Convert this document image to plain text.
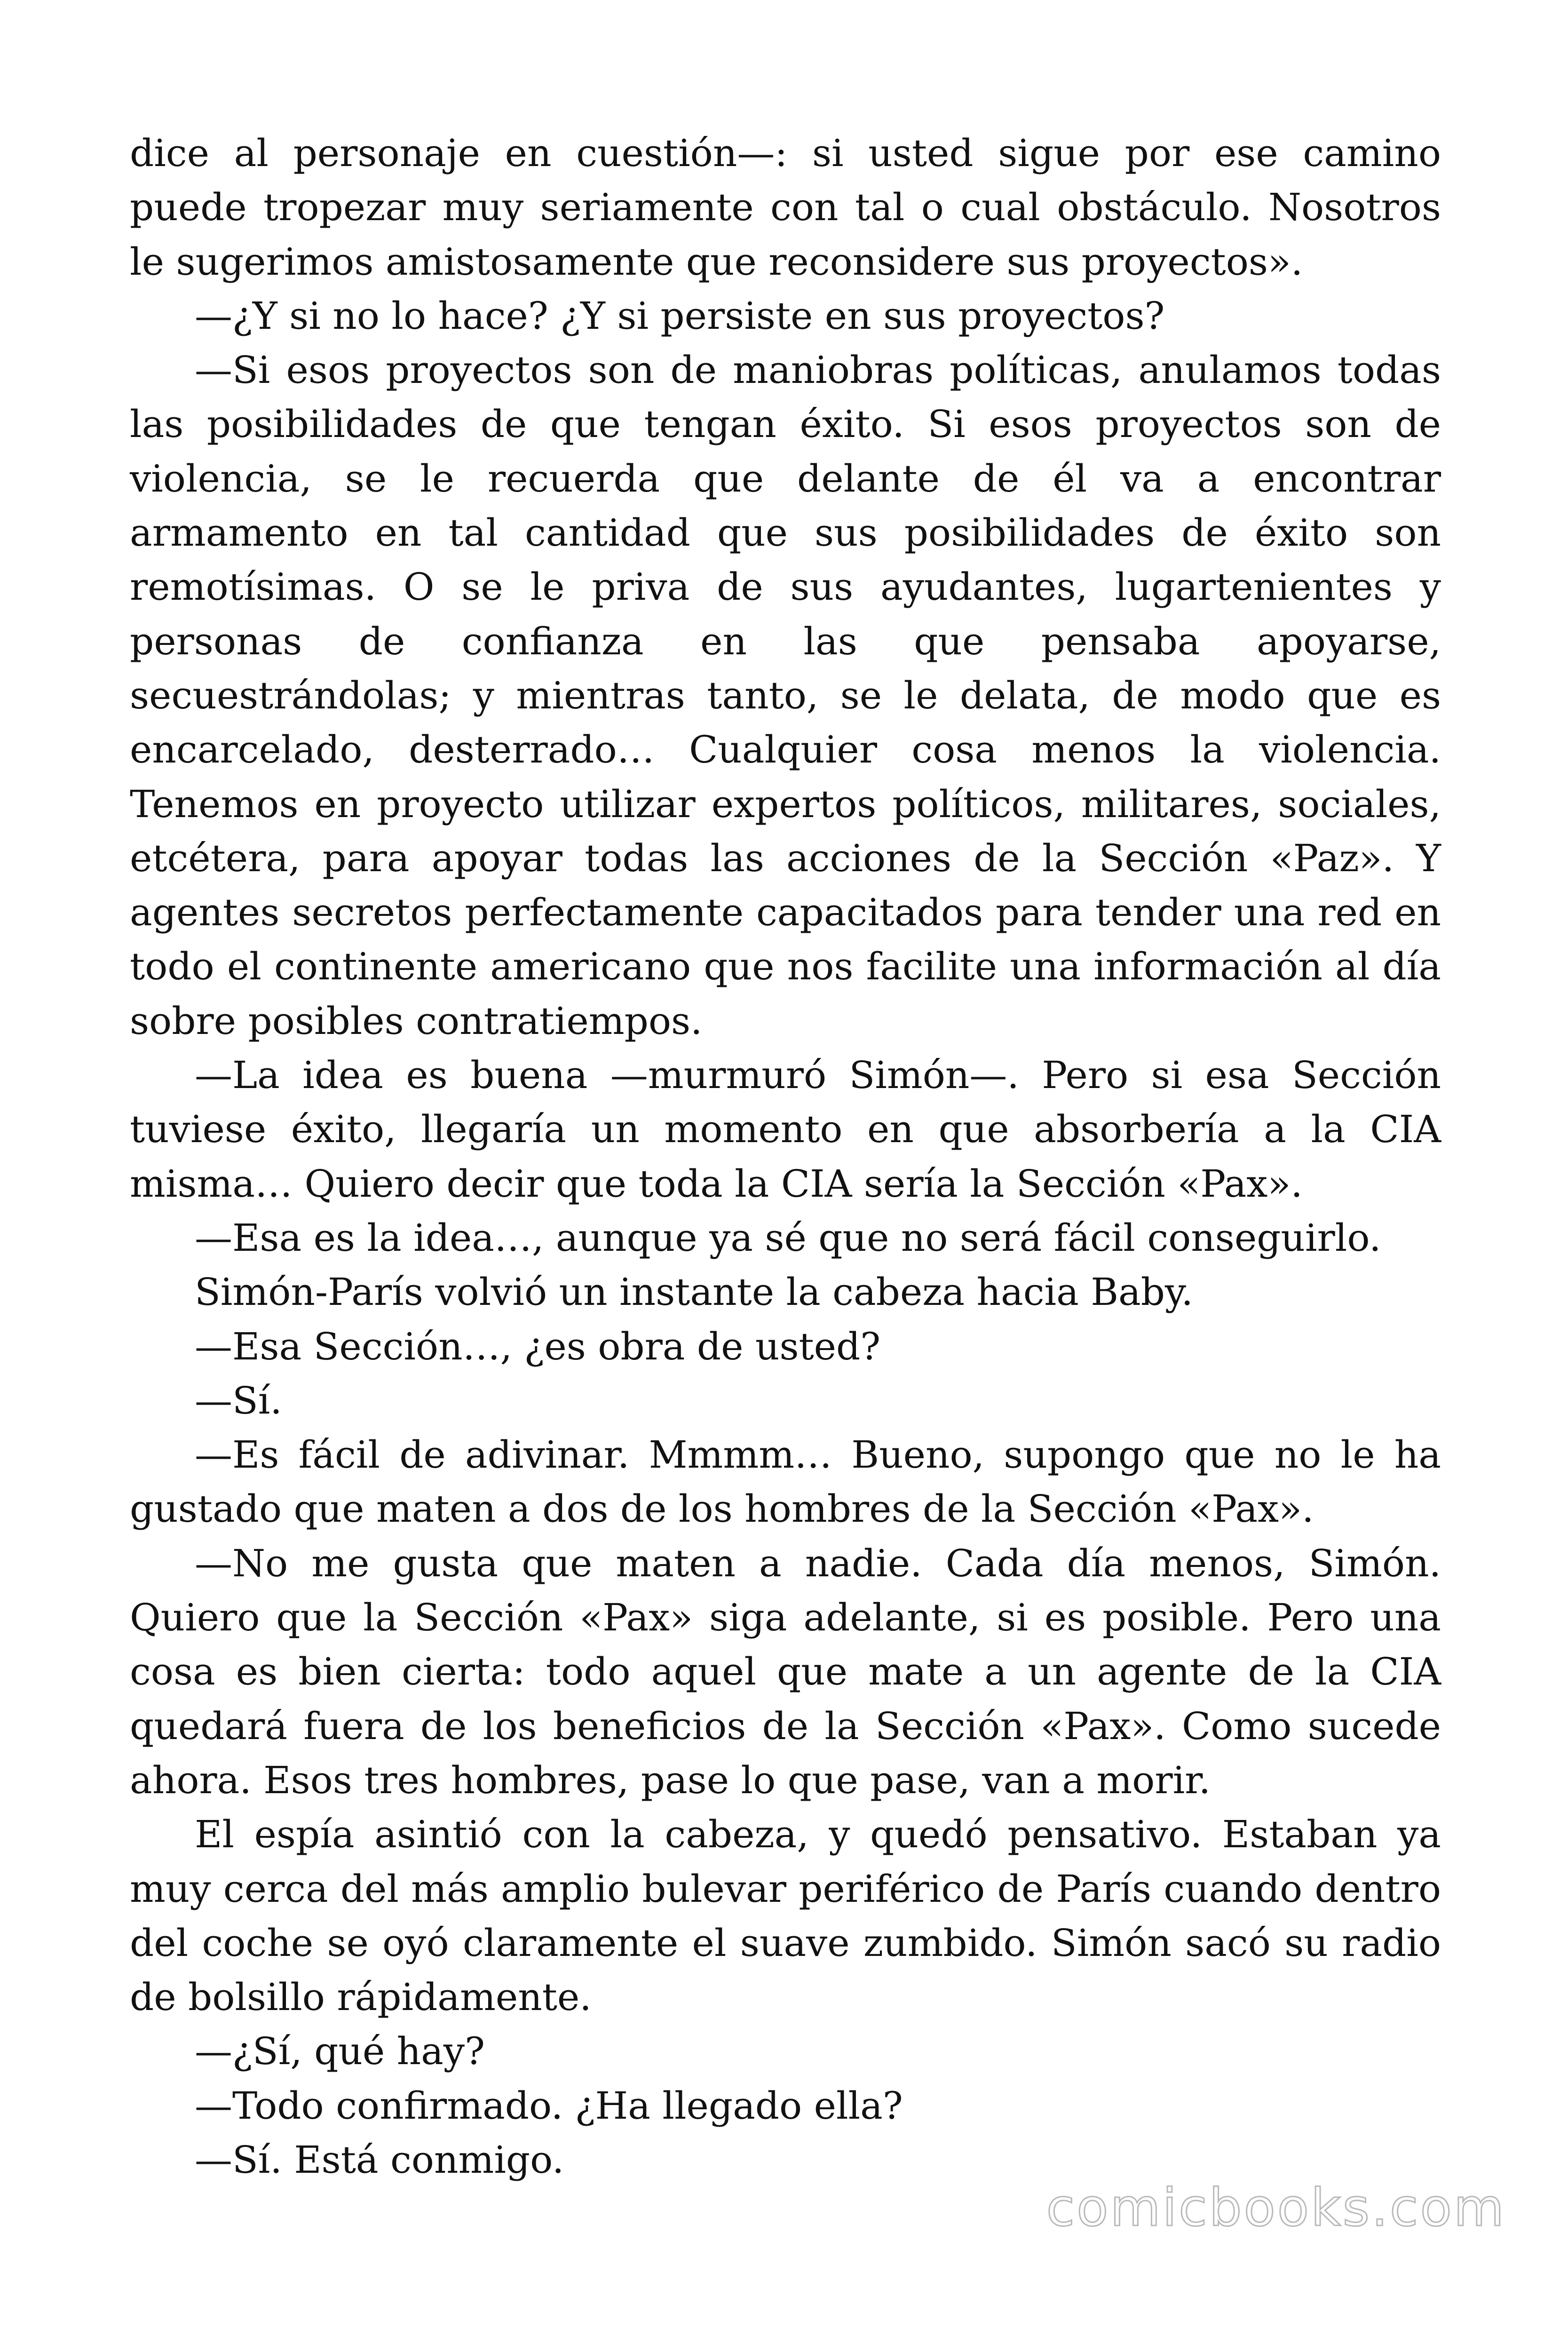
dice al personaje en cuestión—: si usted sigue por ese camino puede tropezar muy seriamente con tal o cual obstáculo. Nosotros le sugerimos amistosamente que reconsidere sus proyectos».

—¿Y si no lo hace? ¿Y si persiste en sus proyectos?

—Si esos proyectos son de maniobras políticas, anulamos todas las posibilidades de que tengan éxito. Si esos proyectos son de violencia, se le recuerda que delante de él va a encontrar armamento en tal cantidad que sus posibilidades de éxito son remotísimas. O se le priva de sus ayudantes, lugartenientes y personas de confianza en las que pensaba apoyarse, secuestrándolas; y mientras tanto, se le delata, de modo que es encarcelado, desterrado… Cualquier cosa menos la violencia. Tenemos en proyecto utilizar expertos políticos, militares, sociales, etcétera, para apoyar todas las acciones de la Sección «Paz». Y agentes secretos perfectamente capacitados para tender una red en todo el continente americano que nos facilite una información al día sobre posibles contratiempos.

—La idea es buena —murmuró Simón—. Pero si esa Sección tuviese éxito, llegaría un momento en que absorbería a la CIA misma… Quiero decir que toda la CIA sería la Sección «Pax».

—Esa es la idea…, aunque ya sé que no será fácil conseguirlo.

Simón-París volvió un instante la cabeza hacia Baby.

—Esa Sección…, ¿es obra de usted?

—Sí.

—Es fácil de adivinar. Mmmm… Bueno, supongo que no le ha gustado que maten a dos de los hombres de la Sección «Pax».

—No me gusta que maten a nadie. Cada día menos, Simón. Quiero que la Sección «Pax» siga adelante, si es posible. Pero una cosa es bien cierta: todo aquel que mate a un agente de la CIA quedará fuera de los beneficios de la Sección «Pax». Como sucede ahora. Esos tres hombres, pase lo que pase, van a morir.

El espía asintió con la cabeza, y quedó pensativo. Estaban ya muy cerca del más amplio bulevar periférico de París cuando dentro del coche se oyó claramente el suave zumbido. Simón sacó su radio de bolsillo rápidamente.

—¿Sí, qué hay?

—Todo confirmado. ¿Ha llegado ella?

—Sí. Está conmigo.

comicbooks.com
